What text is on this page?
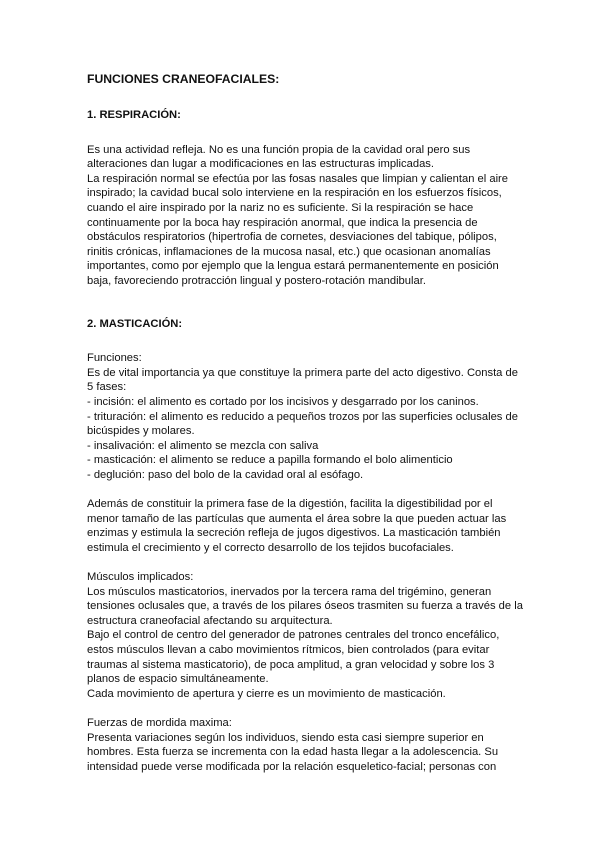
FUNCIONES CRANEOFACIALES:
1. RESPIRACIÓN:

Es una actividad refleja. No es una función propia de la cavidad oral pero sus

alteraciones dan lugar a modificaciones en las estructuras implicadas.

La respiración normal se efectúa por las fosas nasales que limpian y calientan el aire

inspirado; la cavidad bucal solo interviene en la respiración en los esfuerzos físicos,

cuando el aire inspirado por la nariz no es suficiente. Si la respiración se hace

continuamente por la boca hay respiración anormal, que indica la presencia de

obstáculos respiratorios (hipertrofia de cornetes, desviaciones del tabique, pólipos,

rinitis crónicas, inflamaciones de la mucosa nasal, etc.) que ocasionan anomalías

importantes, como por ejemplo que la lengua estará permanentemente en posición

baja, favoreciendo protracción lingual y postero-rotación mandibular.

2. MASTICACIÓN:

Funciones:

Es de vital importancia ya que constituye la primera parte del acto digestivo. Consta de

5 fases:

- incisión: el alimento es cortado por los incisivos y desgarrado por los caninos.

- trituración: el alimento es reducido a pequeños trozos por las superficies oclusales de

bicúspides y molares.

- insalivación: el alimento se mezcla con saliva

- masticación: el alimento se reduce a papilla formando el bolo alimenticio

- deglución: paso del bolo de la cavidad oral al esófago.

Además de constituir la primera fase de la digestión, facilita la digestibilidad por el

menor tamaño de las partículas que aumenta el área sobre la que pueden actuar las

enzimas y estimula la secreción refleja de jugos digestivos. La masticación también

estimula el crecimiento y el correcto desarrollo de los tejidos bucofaciales.

Músculos implicados:

Los músculos masticatorios, inervados por la tercera rama del trigémino, generan

tensiones oclusales que, a través de los pilares óseos trasmiten su fuerza a través de la

estructura craneofacial afectando su arquitectura.

Bajo el control de centro del generador de patrones centrales del tronco encefálico,

estos músculos llevan a cabo movimientos rítmicos, bien controlados (para evitar

traumas al sistema masticatorio), de poca amplitud, a gran velocidad y sobre los 3

planos de espacio simultáneamente.

Cada movimiento de apertura y cierre es un movimiento de masticación.

Fuerzas de mordida maxima:

Presenta variaciones según los individuos, siendo esta casi siempre superior en

hombres. Esta fuerza se incrementa con la edad hasta llegar a la adolescencia. Su

intensidad puede verse modificada por la relación esqueletico-facial; personas con
